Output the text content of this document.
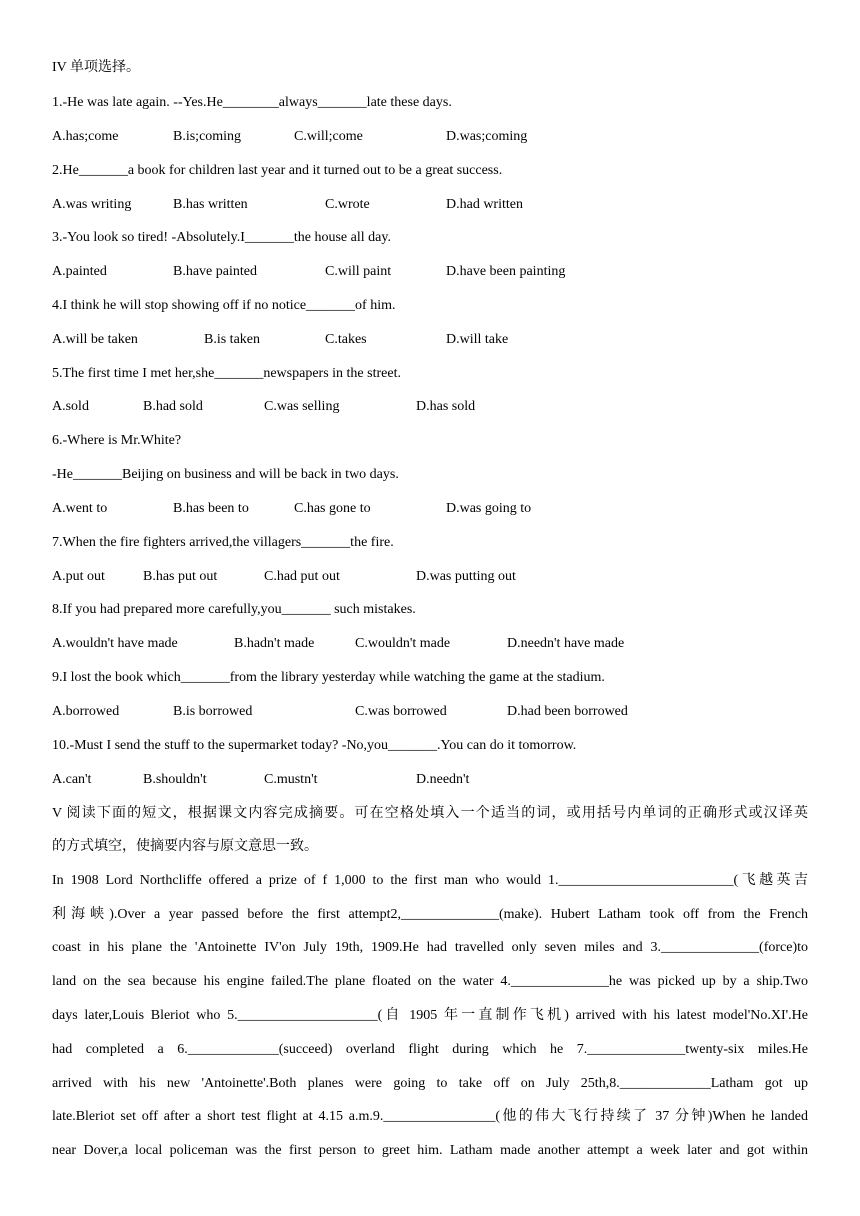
IV 单项选择。
1.-He was late again. --Yes.He________always_______late these days.
A.has;come	B.is;coming	C.will;come	D.was;coming
2.He_______a book for children last year and it turned out to be a great success.
A.was writing	B.has written	C.wrote	D.had written
3.-You look so tired! -Absolutely.I_______the house all day.
A.painted	B.have painted	C.will paint	D.have been painting
4.I think he will stop showing off if no notice_______of him.
A.will be taken	B.is taken	C.takes	D.will take
5.The first time I met her,she_______newspapers in the street.
A.sold	B.had sold	C.was selling	D.has sold
6.-Where is Mr.White?
-He_______Beijing on business and will be back in two days.
A.went to	B.has been to	C.has gone to	D.was going to
7.When the fire fighters arrived,the villagers_______the fire.
A.put out	B.has put out	C.had put out	D.was putting out
8.If you had prepared more carefully,you_______ such mistakes.
A.wouldn't have made	B.hadn't made	C.wouldn't made	D.needn't have made
9.I lost the book which_______from the library yesterday while watching the game at the stadium.
A.borrowed	B.is borrowed	C.was borrowed	D.had been borrowed
10.-Must I send the stuff to the supermarket today? -No,you_______.You can do it tomorrow.
A.can't	B.shouldn't	C.mustn't	D.needn't
V 阅读下面的短文，根据课文内容完成摘要。可在空格处填入一个适当的词，或用括号内单词的正确形式或汉译英
的方式填空，使摘要内容与原文意思一致。
In 1908 Lord Northcliffe offered a prize of f 1,000 to the first man who would 1._________________________(飞越英吉
利海峡).Over a year passed before the first attempt2,______________(make). Hubert Latham took off from the French
coast in his plane the 'Antoinette IV'on July 19th, 1909.He had travelled only seven miles and 3.______________(force)to
land on the sea because his engine failed.The plane floated on the water 4.______________he was picked up by a ship.Two
days later,Louis Bleriot who 5.____________________(自 1905 年一直制作飞机) arrived with his latest model'No.XI'.He
had completed a 6._____________(succeed) overland flight during which he 7.______________twenty-six miles.He
arrived with his new 'Antoinette'.Both planes were going to take off on July 25th,8._____________Latham got up
late.Bleriot set off after a short test flight at 4.15 a.m.9.________________(他的伟大飞行持续了 37 分钟)When he landed
near Dover,a local policeman was the first person to greet him. Latham made another attempt a week later and got within
